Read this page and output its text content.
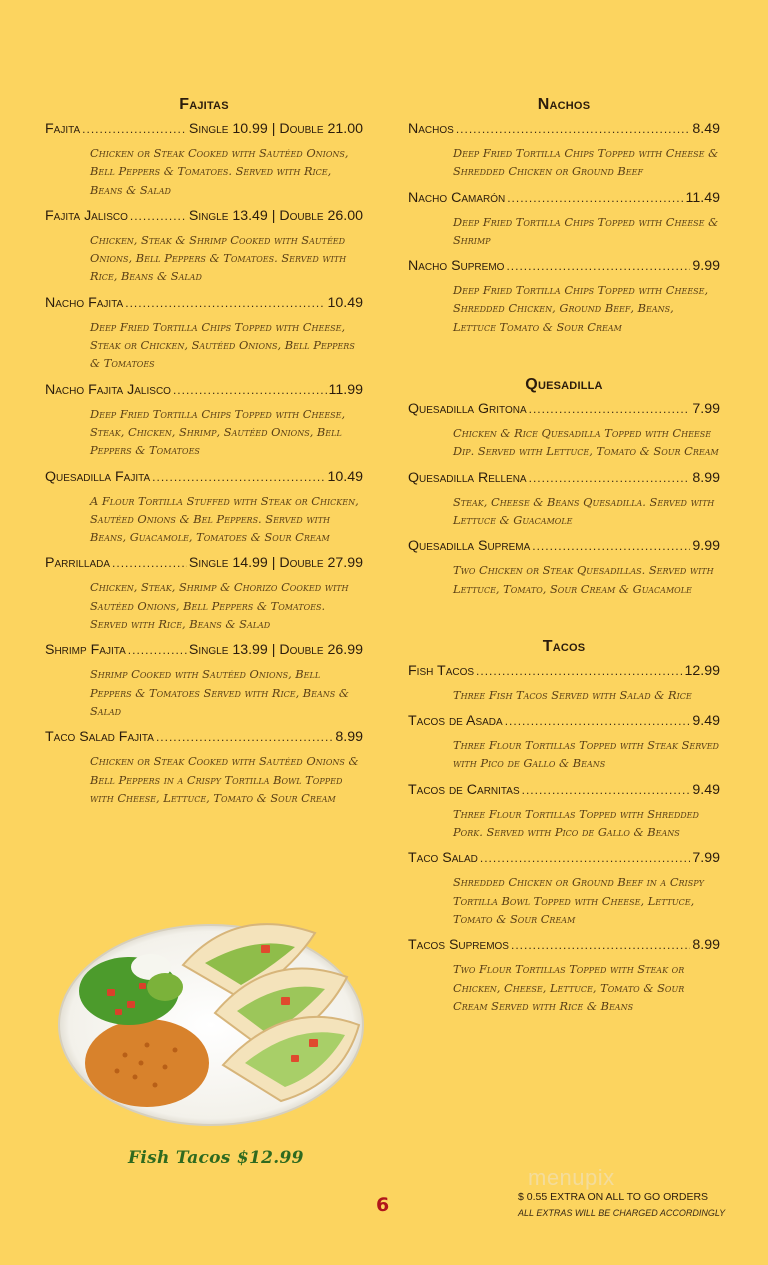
Fajitas
Fajita .....	Single 10.99 | Double 21.00
Chicken or Steak Cooked with Sautéed Onions, Bell Peppers & Tomatoes. Served with Rice, Beans & Salad
Fajita Jalisco .....	Single 13.49 | Double 26.00
Chicken, Steak & Shrimp Cooked with Sautéed Onions, Bell Peppers & Tomatoes. Served with Rice, Beans & Salad
Nacho Fajita .....	10.49
Deep Fried Tortilla Chips Topped with Cheese, Steak or Chicken, Sautéed Onions, Bell Peppers & Tomatoes
Nacho Fajita Jalisco .....	11.99
Deep Fried Tortilla Chips Topped with Cheese, Steak, Chicken, Shrimp, Sautéed Onions, Bell Peppers & Tomatoes
Quesadilla Fajita .....	10.49
A Flour Tortilla Stuffed with Steak or Chicken, Sautéed Onions & Bel Peppers. Served with Beans, Guacamole, Tomatoes & Sour Cream
Parrillada .....	Single 14.99 | Double 27.99
Chicken, Steak, Shrimp & Chorizo Cooked with Sautéed Onions, Bell Peppers & Tomatoes. Served with Rice, Beans & Salad
Shrimp Fajita .....	Single 13.99 | Double 26.99
Shrimp Cooked with Sautéed Onions, Bell Peppers & Tomatoes Served with Rice, Beans & Salad
Taco Salad Fajita .....	8.99
Chicken or Steak Cooked with Sautéed Onions & Bell Peppers in a Crispy Tortilla Bowl Topped with Cheese, Lettuce, Tomato & Sour Cream
Nachos
Nachos .....	8.49
Deep Fried Tortilla Chips Topped with Cheese & Shredded Chicken or Ground Beef
Nacho Camarón .....	11.49
Deep Fried Tortilla Chips Topped with Cheese & Shrimp
Nacho Supremo .....	9.99
Deep Fried Tortilla Chips Topped with Cheese, Shredded Chicken, Ground Beef, Beans, Lettuce Tomato & Sour Cream
Quesadilla
Quesadilla Gritona .....	7.99
Chicken & Rice Quesadilla Topped with Cheese Dip. Served with Lettuce, Tomato & Sour Cream
Quesadilla Rellena .....	8.99
Steak, Cheese & Beans Quesadilla. Served with Lettuce & Guacamole
Quesadilla Suprema .....	9.99
Two Chicken or Steak Quesadillas. Served with Lettuce, Tomato, Sour Cream & Guacamole
Tacos
Fish Tacos .....	12.99
Three Fish Tacos Served with Salad & Rice
Tacos de Asada .....	9.49
Three Flour Tortillas Topped with Steak Served with Pico de Gallo & Beans
Tacos de Carnitas .....	9.49
Three Flour Tortillas Topped with Shredded Pork. Served with Pico de Gallo & Beans
Taco Salad .....	7.99
Shredded Chicken or Ground Beef in a Crispy Tortilla Bowl Topped with Cheese, Lettuce, Tomato & Sour Cream
Tacos Supremos .....	8.99
Two Flour Tortillas Topped with Steak or Chicken, Cheese, Lettuce, Tomato & Sour Cream Served with Rice & Beans
Fish Tacos $12.99
6
menupix
$ 0.55 EXTRA ON ALL TO GO ORDERS
ALL EXTRAS WILL BE CHARGED ACCORDINGLY
